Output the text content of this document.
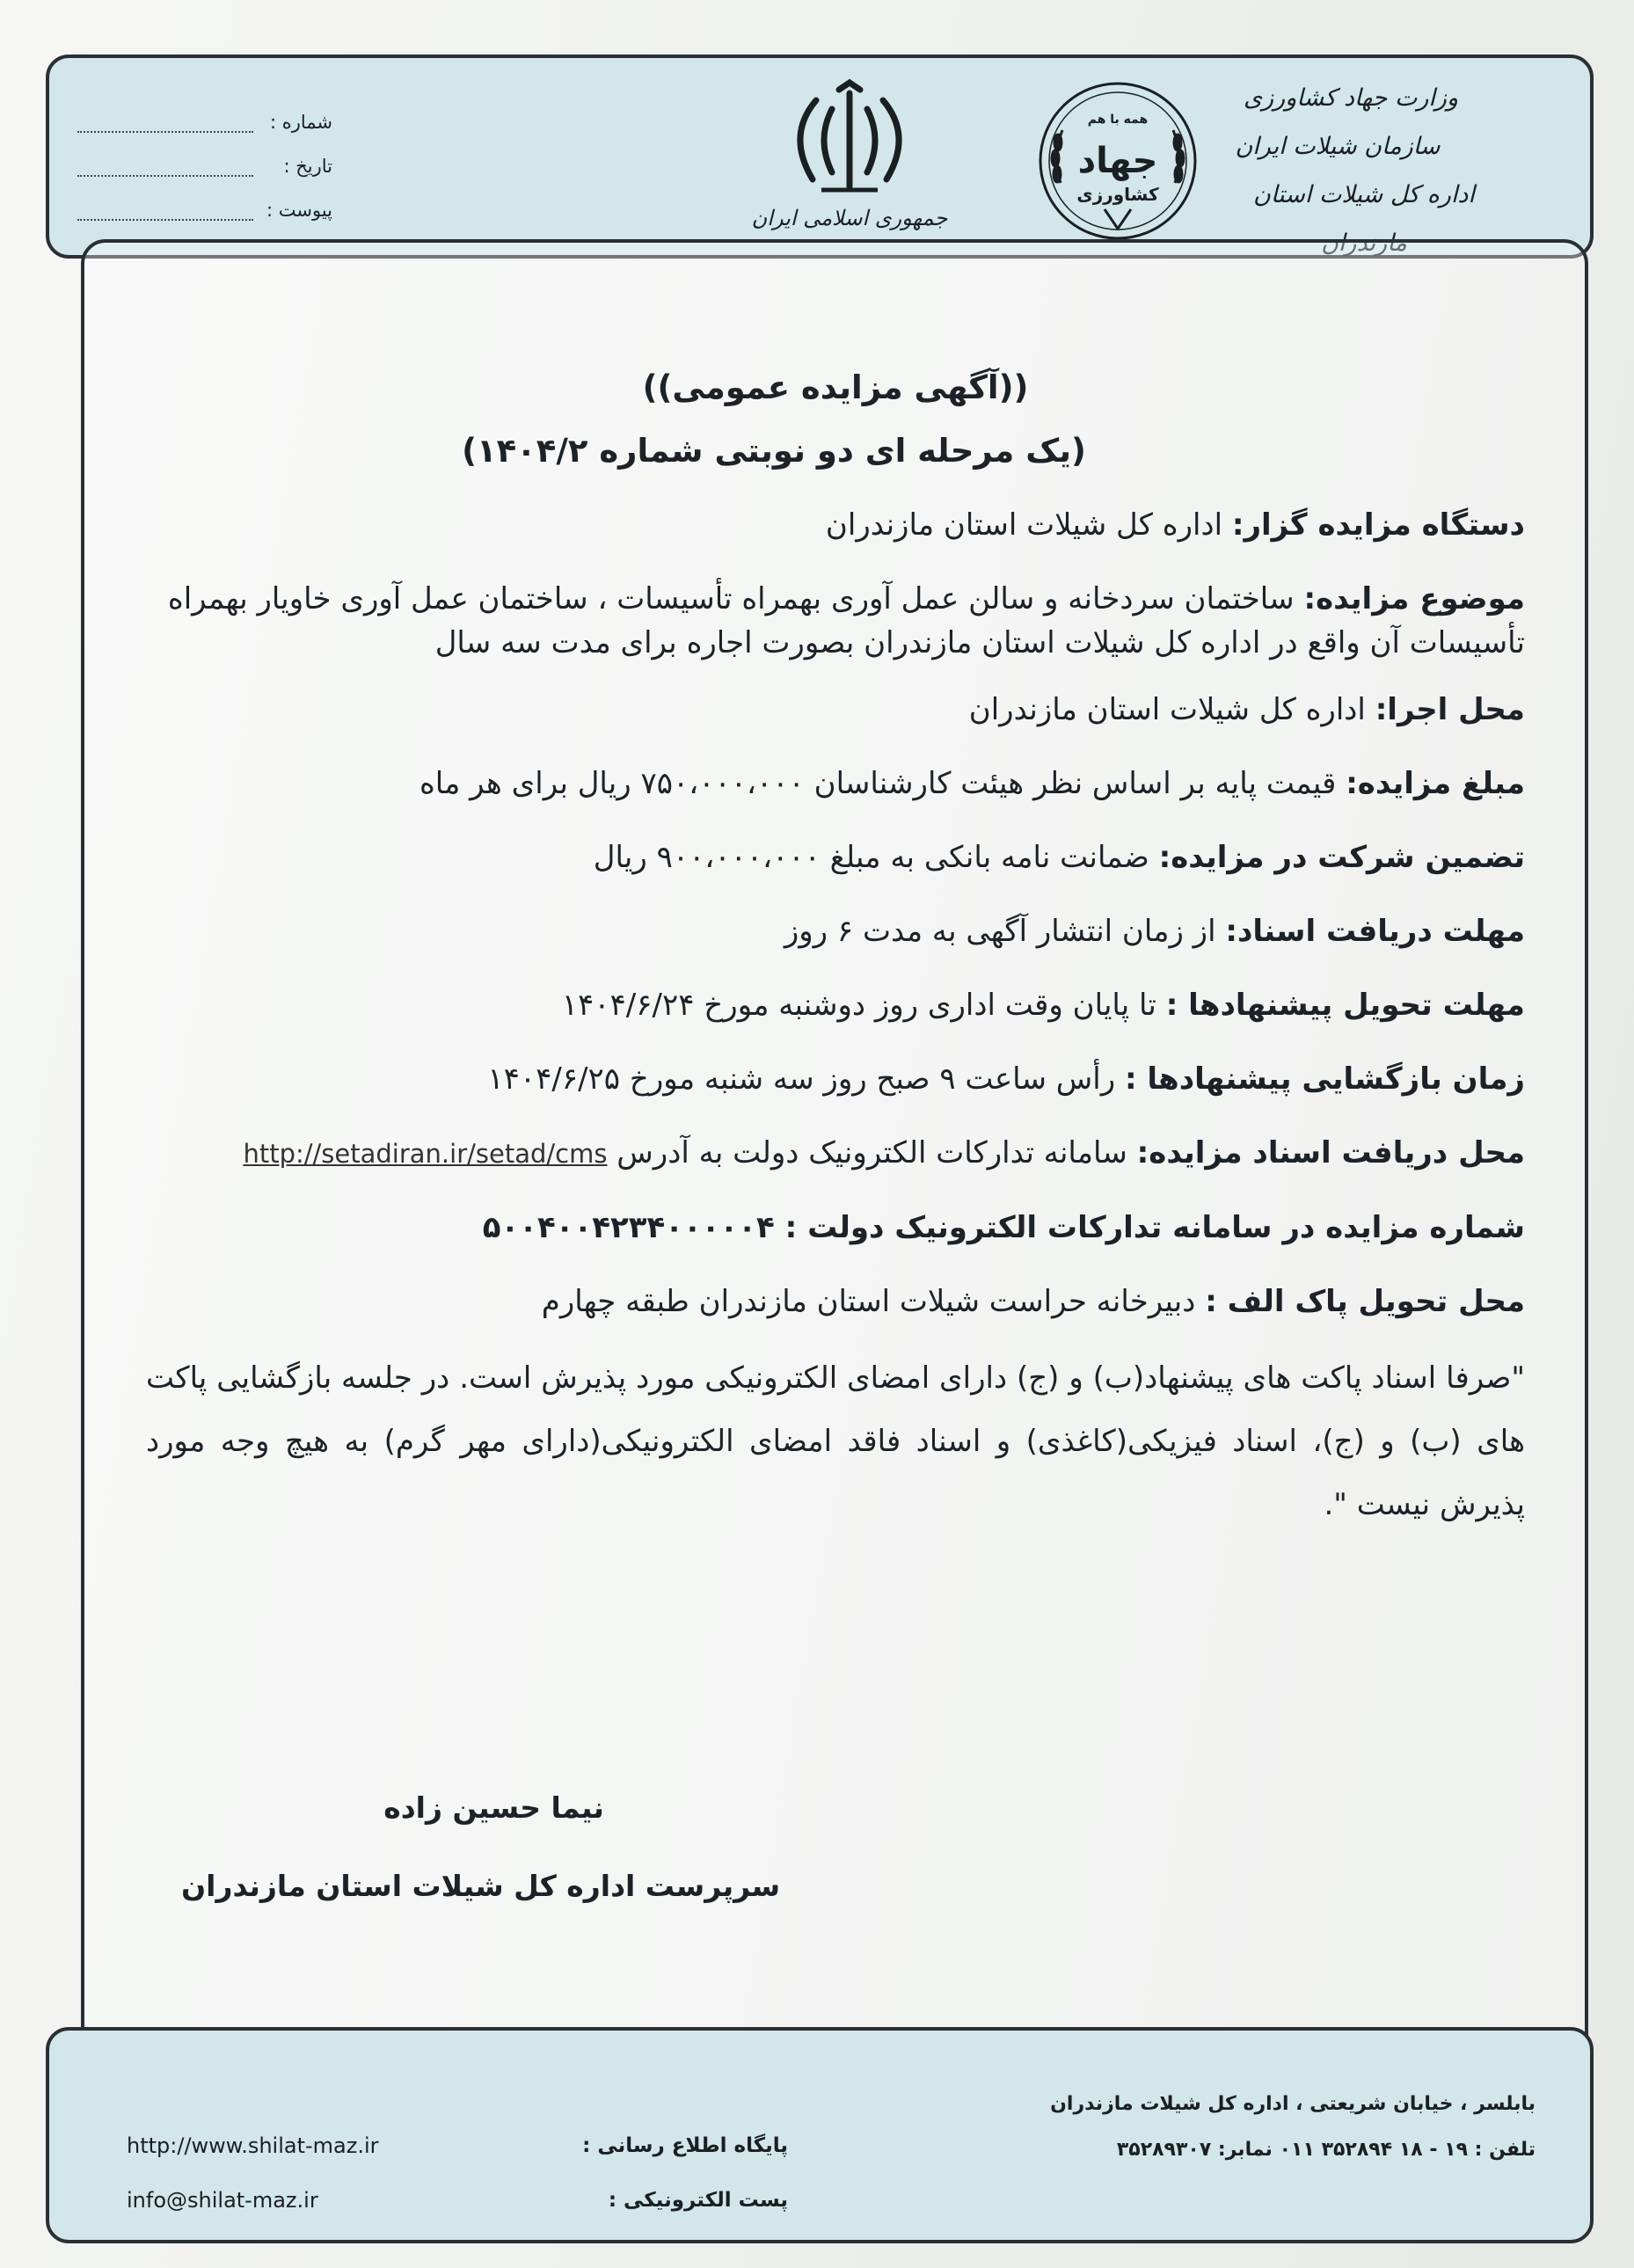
وزارت جهاد کشاورزی
سازمان شیلات ایران
اداره کل شیلات استان مازندران
همه با هم
جهاد
کشاورزی
جمهوری اسلامی ایران
شماره :
تاریخ :
پیوست :
((آگهی مزایده عمومی))
(یک مرحله ای دو نوبتی شماره ۱۴۰۴/۲)
دستگاه مزایده گزار: اداره کل شیلات استان مازندران
موضوع مزایده: ساختمان سردخانه و سالن عمل آوری بهمراه تأسیسات ، ساختمان عمل آوری خاویار بهمراه تأسیسات آن واقع در اداره کل شیلات استان مازندران بصورت اجاره برای مدت سه سال
محل اجرا: اداره کل شیلات استان مازندران
مبلغ مزایده: قیمت پایه بر اساس نظر هیئت کارشناسان ۷۵۰،۰۰۰،۰۰۰ ریال برای هر ماه
تضمین شرکت در مزایده: ضمانت نامه بانکی به مبلغ ۹۰۰،۰۰۰،۰۰۰ ریال
مهلت دریافت اسناد: از زمان انتشار آگهی به مدت ۶ روز
مهلت تحویل پیشنهادها : تا پایان وقت اداری روز دوشنبه مورخ ۱۴۰۴/۶/۲۴
زمان بازگشایی پیشنهادها : رأس ساعت ۹ صبح روز سه شنبه مورخ ۱۴۰۴/۶/۲۵
محل دریافت اسناد مزایده: سامانه تدارکات الکترونیک دولت به آدرس http://setadiran.ir/setad/cms
شماره مزایده در سامانه تدارکات الکترونیک دولت : ۵۰۰۴۰۰۴۲۳۴۰۰۰۰۰۴
محل تحویل پاک الف : دبیرخانه حراست شیلات استان مازندران طبقه چهارم
"صرفا اسناد پاکت های پیشنهاد(ب) و (ج) دارای امضای الکترونیکی مورد پذیرش است. در جلسه بازگشایی پاکت های (ب) و (ج)، اسناد فیزیکی(کاغذی) و اسناد فاقد امضای الکترونیکی(دارای مهر گرم) به هیچ وجه مورد پذیرش نیست ".
نیما حسین زاده
سرپرست اداره کل شیلات استان مازندران
بابلسر ، خیابان شریعتی ، اداره کل شیلات مازندران
تلفن : ۱۹ - ۱۸ ۳۵۲۸۹۴ ۰۱۱ نمابر: ۳۵۲۸۹۳۰۷
پایگاه اطلاع رسانی :
پست الکترونیکی :
http://www.shilat-maz.ir
info@shilat-maz.ir
